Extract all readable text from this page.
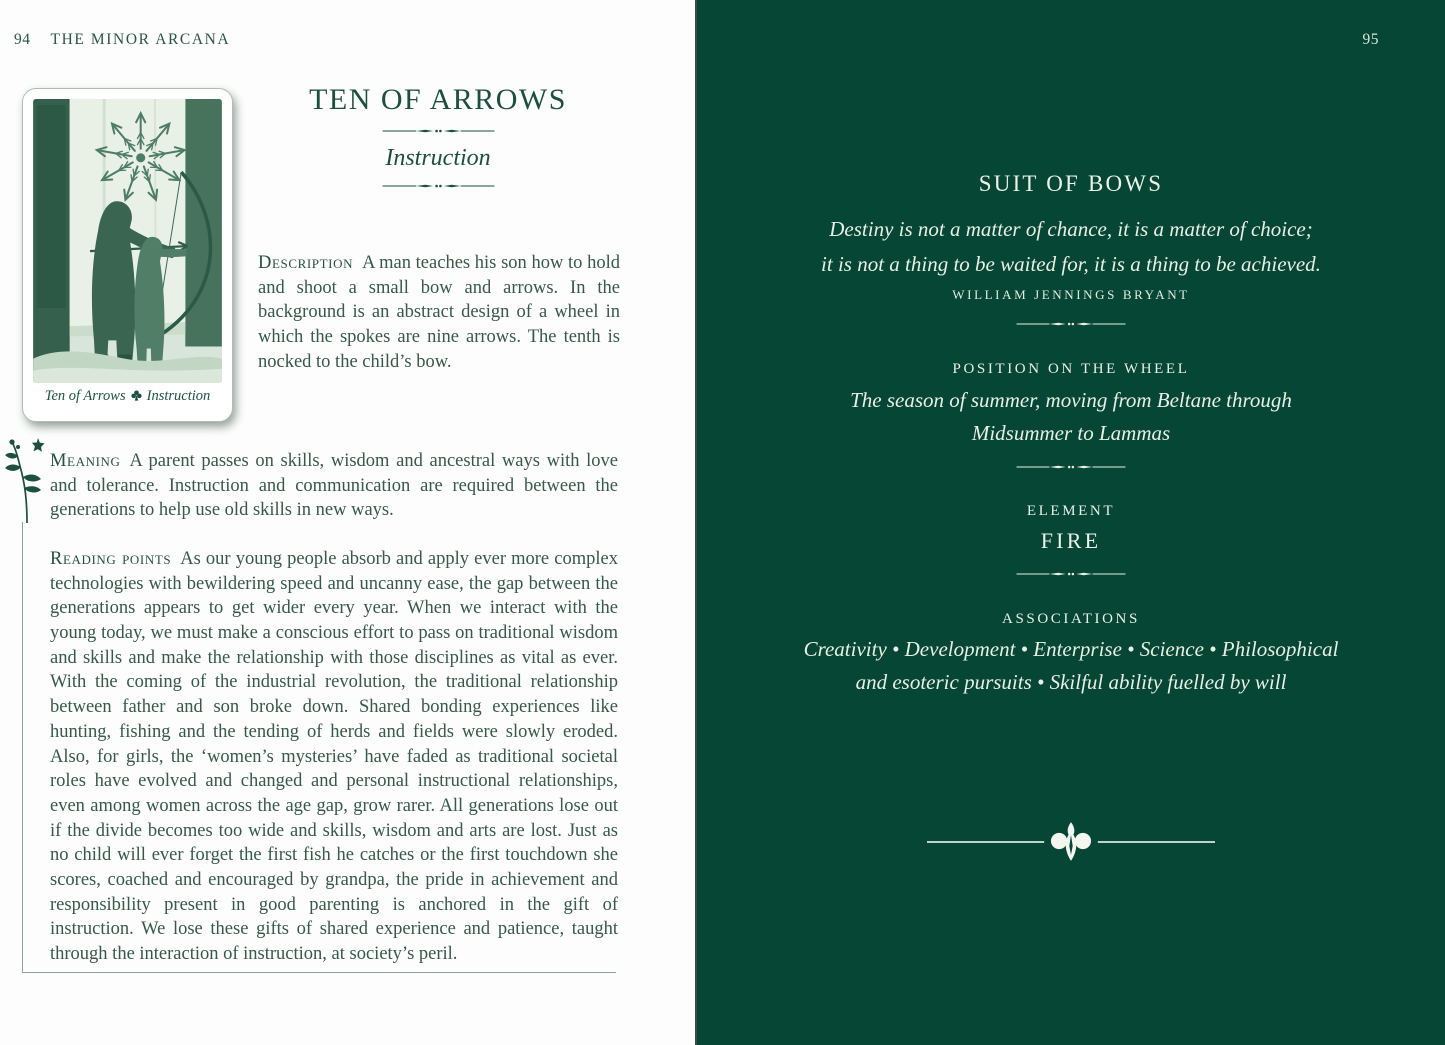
94 THE MINOR ARCANA
Ten of Arrows Instruction
TEN OF ARROWS
Instruction

Description A man teaches his son how to hold and shoot a small bow and arrows. In the background is an abstract design of a wheel in which the spokes are nine arrows. The tenth is nocked to the child’s bow.

Meaning A parent passes on skills, wisdom and ancestral ways with love and tolerance. Instruction and communication are required between the generations to help use old skills in new ways.

Reading points As our young people absorb and apply ever more complex technologies with bewildering speed and uncanny ease, the gap between the generations appears to get wider every year. When we interact with the young today, we must make a conscious effort to pass on traditional wisdom and skills and make the relationship with those disciplines as vital as ever. With the coming of the industrial revolution, the traditional relationship between father and son broke down. Shared bonding experiences like hunting, fishing and the tending of herds and fields were slowly eroded. Also, for girls, the ‘women’s mysteries’ have faded as traditional societal roles have evolved and changed and personal instructional relationships, even among women across the age gap, grow rarer. All generations lose out if the divide becomes too wide and skills, wisdom and arts are lost. Just as no child will ever forget the first fish he catches or the first touchdown she scores, coached and encouraged by grandpa, the pride in achievement and responsibility present in good parenting is anchored in the gift of instruction. We lose these gifts of shared experience and patience, taught through the interaction of instruction, at society’s peril.

95
SUIT OF BOWS

Destiny is not a matter of chance, it is a matter of choice;

it is not a thing to be waited for, it is a thing to be achieved.

WILLIAM JENNINGS BRYANT

POSITION ON THE WHEEL

The season of summer, moving from Beltane through

Midsummer to Lammas

ELEMENT

FIRE

ASSOCIATIONS

Creativity • Development • Enterprise • Science • Philosophical

and esoteric pursuits • Skilful ability fuelled by will
